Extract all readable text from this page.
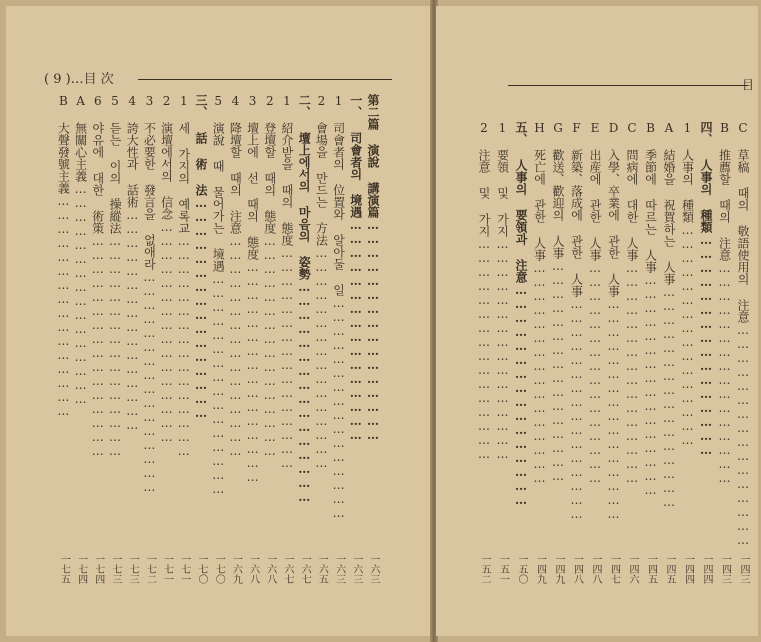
( 9 )…目 次
第二篇 演說 講演篇…………………………………………
一六三
一、 司會者의 境遇…………………………………………
一六三
1 司會者의 位置와 알아둘 일…………………………………………
一六三
2 會場을 만드는 方法…………………………………………
一六五
二、 壇上에서의 마음의 姿勢…………………………………………
一六七
1 紹介받을 때의 態度…………………………………………
一六七
2 登壇할 때의 態度…………………………………………
一六八
3 壇上에 선 때의 態度…………………………………………
一六八
4 降壇할 때의 注意…………………………………………
一六九
5 演說 때 물어가는 境遇…………………………………………
一七〇
三、 話 術 法…………………………………………
一七〇
1 세 가지의 예록교…………………………………………
一七一
2 演壇에서의 信念…………………………………………
一七一
3 不必要한 發言을 없애라…………………………………………
一七二
4 誇大性과 話術…………………………………………
一七三
5 듣는 이의 操縱法…………………………………………
一七三
6 야유에 대한 術策…………………………………………
一七四
A 無關心主義…………………………………………
一七四
B 大聲發號主義…………………………………………
一七五
目
C 草稿 때의 敬語使用의 注意…………………………………………
一四三
B 推薦할 때의 注意…………………………………………
一四三
四、 人事의 種類…………………………………………
一四四
1 人事의 種類…………………………………………
一四四
A 結婚을 祝賀하는 人事…………………………………………
一四五
B 季節에 따르는 人事…………………………………………
一四五
C 問病에 대한 人事…………………………………………
一四六
D 入學、卒業에 관한 人事…………………………………………
一四七
E 出産에 관한 人事…………………………………………
一四八
F 新築、落成에 관한 人事…………………………………………
一四八
G 歡送、歡迎의 人事…………………………………………
一四九
H 死亡에 관한 人事…………………………………………
一四九
五、 人事의 要領과 注意…………………………………………
一五〇
1 要領 및 가지…………………………………………
一五一
2 注意 및 가지…………………………………………
一五二
